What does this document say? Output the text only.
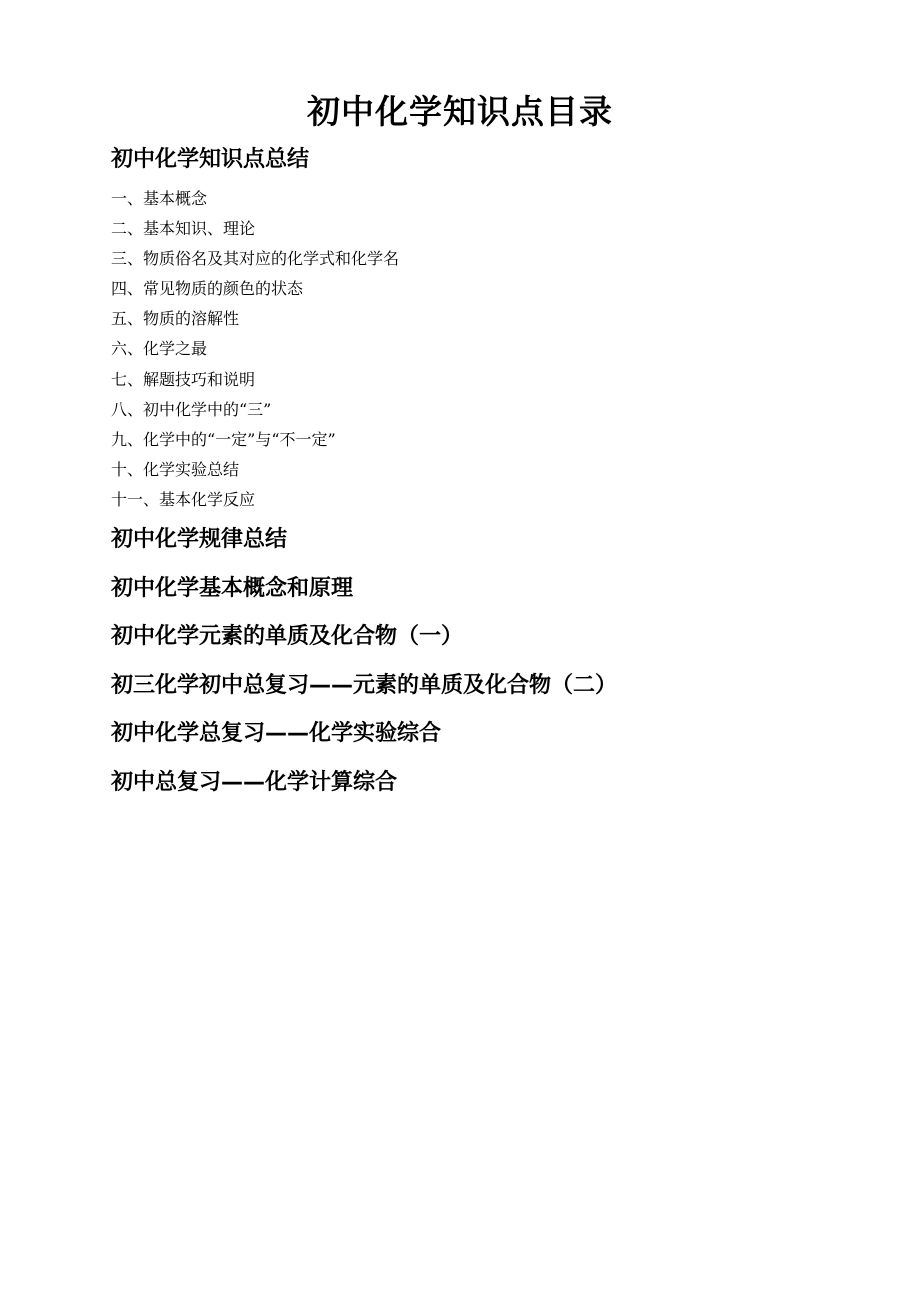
初中化学知识点目录
初中化学知识点总结
一、基本概念
二、基本知识、理论
三、物质俗名及其对应的化学式和化学名
四、常见物质的颜色的状态
五、物质的溶解性
六、化学之最
七、解题技巧和说明
八、初中化学中的“三”
九、化学中的“一定”与“不一定”
十、化学实验总结
十一、基本化学反应
初中化学规律总结
初中化学基本概念和原理
初中化学元素的单质及化合物（一）
初三化学初中总复习——元素的单质及化合物（二）
初中化学总复习——化学实验综合
初中总复习——化学计算综合
